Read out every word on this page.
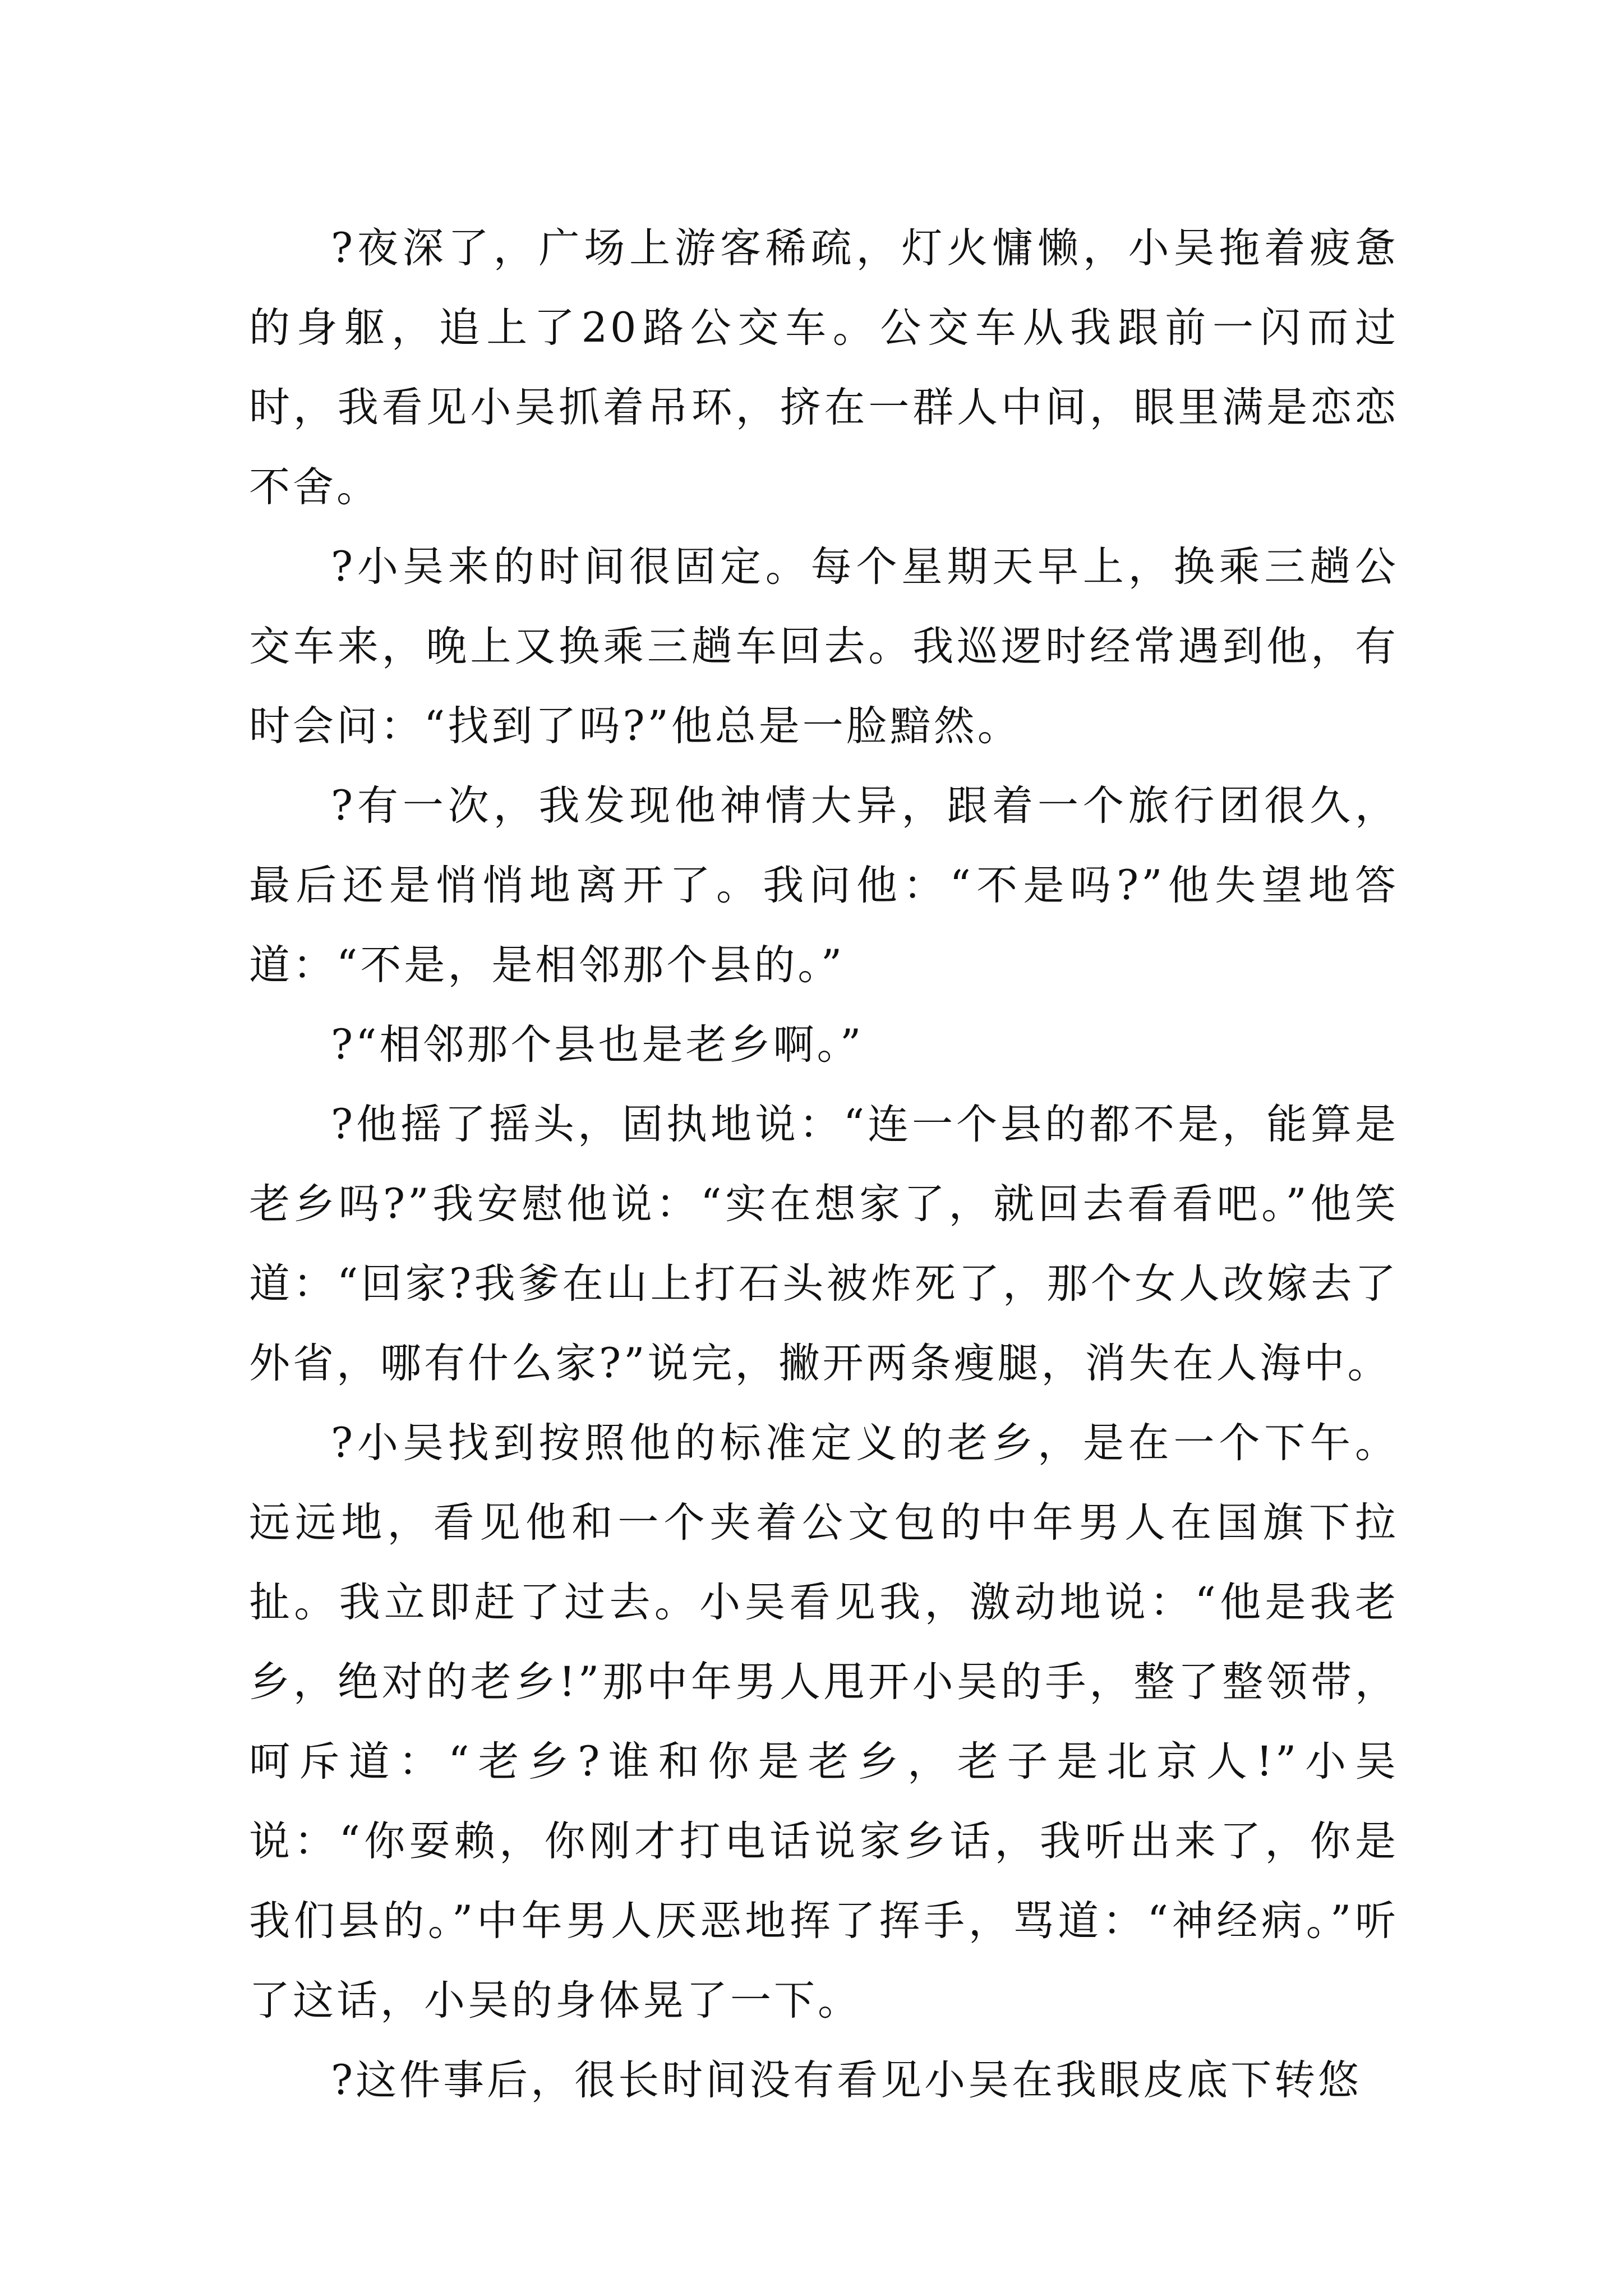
?夜深了，广场上游客稀疏，灯火慵懒，小吴拖着疲惫的身躯，追上了20路公交车。公交车从我跟前一闪而过时，我看见小吴抓着吊环，挤在一群人中间，眼里满是恋恋不舍。

?小吴来的时间很固定。每个星期天早上，换乘三趟公交车来，晚上又换乘三趟车回去。我巡逻时经常遇到他，有时会问：“找到了吗?”他总是一脸黯然。

?有一次，我发现他神情大异，跟着一个旅行团很久，最后还是悄悄地离开了。我问他：“不是吗?”他失望地答道：“不是，是相邻那个县的。”

?“相邻那个县也是老乡啊。”

?他摇了摇头，固执地说：“连一个县的都不是，能算是老乡吗?”我安慰他说：“实在想家了，就回去看看吧。”他笑道：“回家?我爹在山上打石头被炸死了，那个女人改嫁去了外省，哪有什么家?”说完，撇开两条瘦腿，消失在人海中。

?小吴找到按照他的标准定义的老乡，是在一个下午。远远地，看见他和一个夹着公文包的中年男人在国旗下拉扯。我立即赶了过去。小吴看见我，激动地说：“他是我老乡，绝对的老乡!”那中年男人甩开小吴的手，整了整领带，呵斥道：“老乡?谁和你是老乡，老子是北京人!”小吴说：“你耍赖，你刚才打电话说家乡话，我听出来了，你是我们县的。”中年男人厌恶地挥了挥手，骂道：“神经病。”听了这话，小吴的身体晃了一下。

?这件事后，很长时间没有看见小吴在我眼皮底下转悠
